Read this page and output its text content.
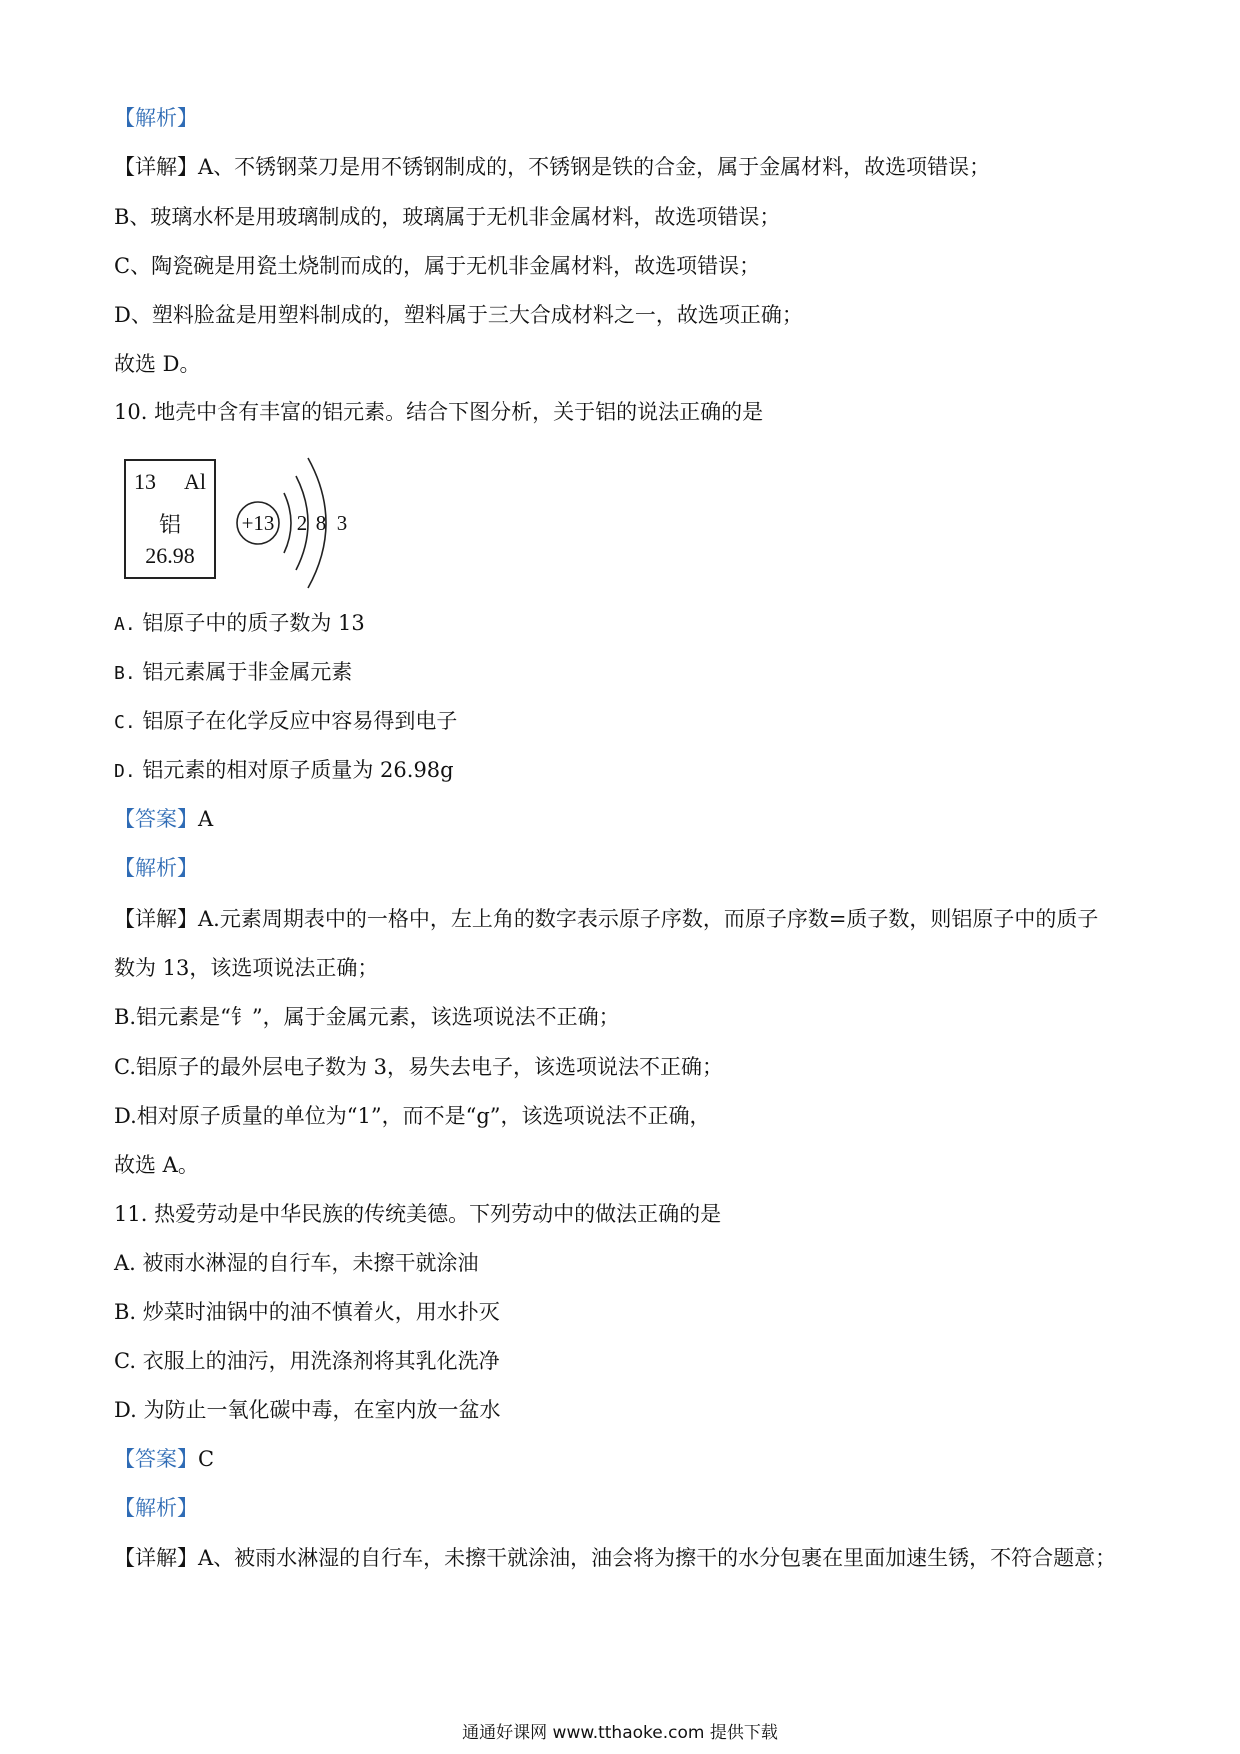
【解析】
【详解】A、不锈钢菜刀是用不锈钢制成的，不锈钢是铁的合金，属于金属材料，故选项错误；
B、玻璃水杯是用玻璃制成的，玻璃属于无机非金属材料，故选项错误；
C、陶瓷碗是用瓷土烧制而成的，属于无机非金属材料，故选项错误；
D、塑料脸盆是用塑料制成的，塑料属于三大合成材料之一，故选项正确；
故选 D。
10. 地壳中含有丰富的铝元素。结合下图分析，关于铝的说法正确的是
13 Al
铝
26.98
+13 2 8 3
A. 铝原子中的质子数为 13
B. 铝元素属于非金属元素
C. 铝原子在化学反应中容易得到电子
D. 铝元素的相对原子质量为 26.98g
【答案】A
【解析】
【详解】A.元素周期表中的一格中，左上角的数字表示原子序数，而原子序数=质子数，则铝原子中的质子
数为 13，该选项说法正确；
B.铝元素是“钅”，属于金属元素，该选项说法不正确；
C.铝原子的最外层电子数为 3，易失去电子，该选项说法不正确；
D.相对原子质量的单位为“1”，而不是“g”，该选项说法不正确，
故选 A。
11. 热爱劳动是中华民族的传统美德。下列劳动中的做法正确的是
A. 被雨水淋湿的自行车，未擦干就涂油
B. 炒菜时油锅中的油不慎着火，用水扑灭
C. 衣服上的油污，用洗涤剂将其乳化洗净
D. 为防止一氧化碳中毒，在室内放一盆水
【答案】C
【解析】
【详解】A、被雨水淋湿的自行车，未擦干就涂油，油会将为擦干的水分包裹在里面加速生锈，不符合题意；
通通好课网 www.tthaoke.com 提供下载
